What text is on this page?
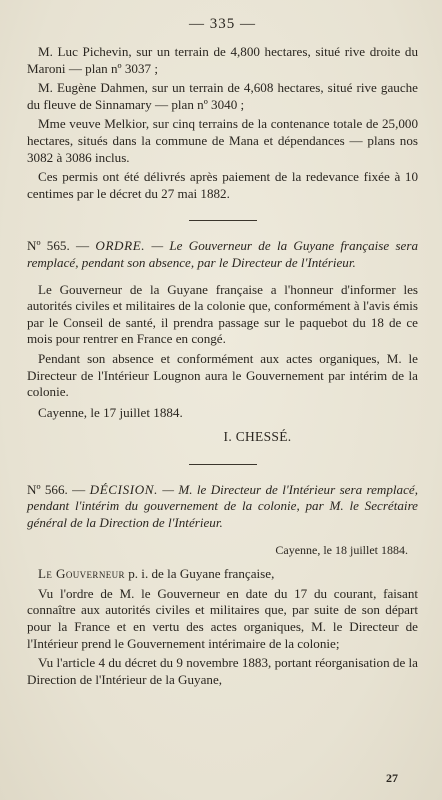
— 335 —

M. Luc Pichevin, sur un terrain de 4,800 hectares, situé rive droite du Maroni — plan nº 3037 ;

M. Eugène Dahmen, sur un terrain de 4,608 hectares, situé rive gauche du fleuve de Sinnamary — plan nº 3040 ;

Mme veuve Melkior, sur cinq terrains de la contenance totale de 25,000 hectares, situés dans la commune de Mana et dépendances — plans nos 3082 à 3086 inclus.

Ces permis ont été délivrés après paiement de la redevance fixée à 10 centimes par le décret du 27 mai 1882.

Nº 565. — ORDRE. — Le Gouverneur de la Guyane française sera remplacé, pendant son absence, par le Directeur de l'Intérieur.

Le Gouverneur de la Guyane française a l'honneur d'informer les autorités civiles et militaires de la colonie que, conformément à l'avis émis par le Conseil de santé, il prendra passage sur le paquebot du 18 de ce mois pour rentrer en France en congé.

Pendant son absence et conformément aux actes organiques, M. le Directeur de l'Intérieur Lougnon aura le Gouvernement par intérim de la colonie.

Cayenne, le 17 juillet 1884.

I. CHESSÉ.

Nº 566. — DÉCISION. — M. le Directeur de l'Intérieur sera remplacé, pendant l'intérim du gouvernement de la colonie, par M. le Secrétaire général de la Direction de l'Intérieur.

Cayenne, le 18 juillet 1884.

Le Gouverneur p. i. de la Guyane française,

Vu l'ordre de M. le Gouverneur en date du 17 du courant, faisant connaître aux autorités civiles et militaires que, par suite de son départ pour la France et en vertu des actes organiques, M. le Directeur de l'Intérieur prend le Gouvernement intérimaire de la colonie;

Vu l'article 4 du décret du 9 novembre 1883, portant réorganisation de la Direction de l'Intérieur de la Guyane,

27
